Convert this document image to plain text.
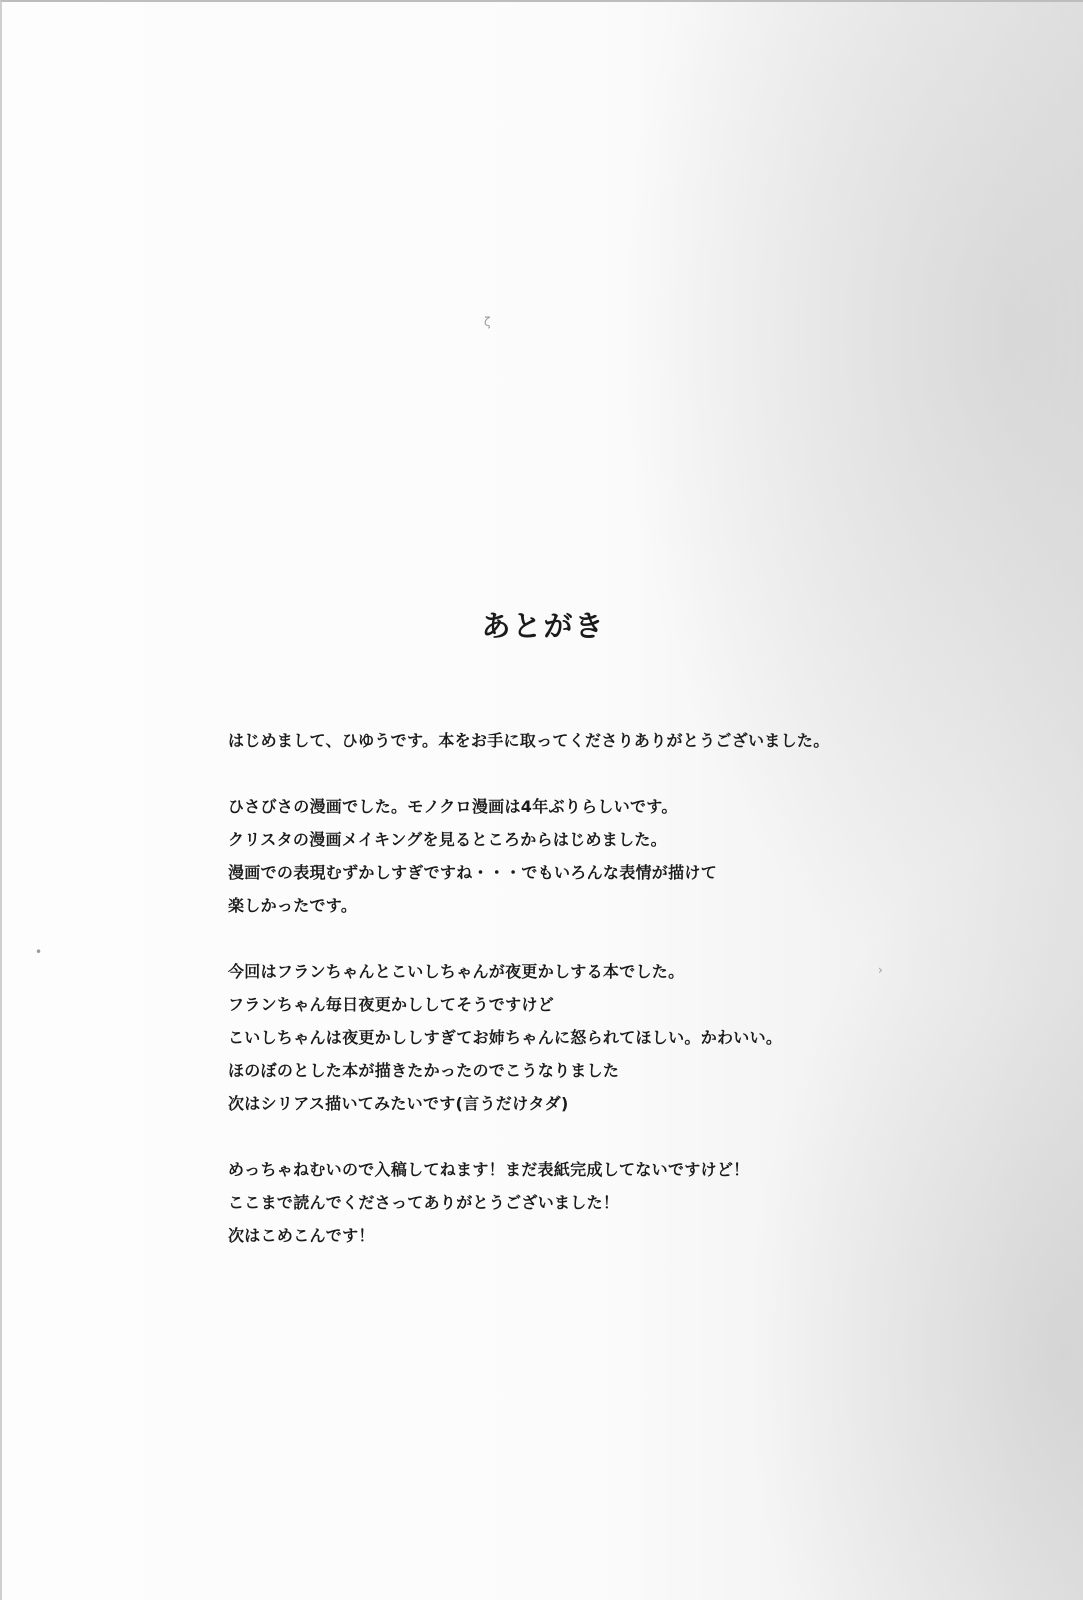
ζ
•
›
あとがき
はじめまして、ひゆうです。本をお手に取ってくださりありがとうございました。
ひさびさの漫画でした。モノクロ漫画は4年ぶりらしいです。
クリスタの漫画メイキングを見るところからはじめました。
漫画での表現むずかしすぎですね・・・でもいろんな表情が描けて
楽しかったです。
今回はフランちゃんとこいしちゃんが夜更かしする本でした。
フランちゃん毎日夜更かししてそうですけど
こいしちゃんは夜更かししすぎてお姉ちゃんに怒られてほしい。かわいい。
ほのぼのとした本が描きたかったのでこうなりました
次はシリアス描いてみたいです(言うだけタダ)
めっちゃねむいので入稿してねます！まだ表紙完成してないですけど！
ここまで読んでくださってありがとうございました！
次はこめこんです！
